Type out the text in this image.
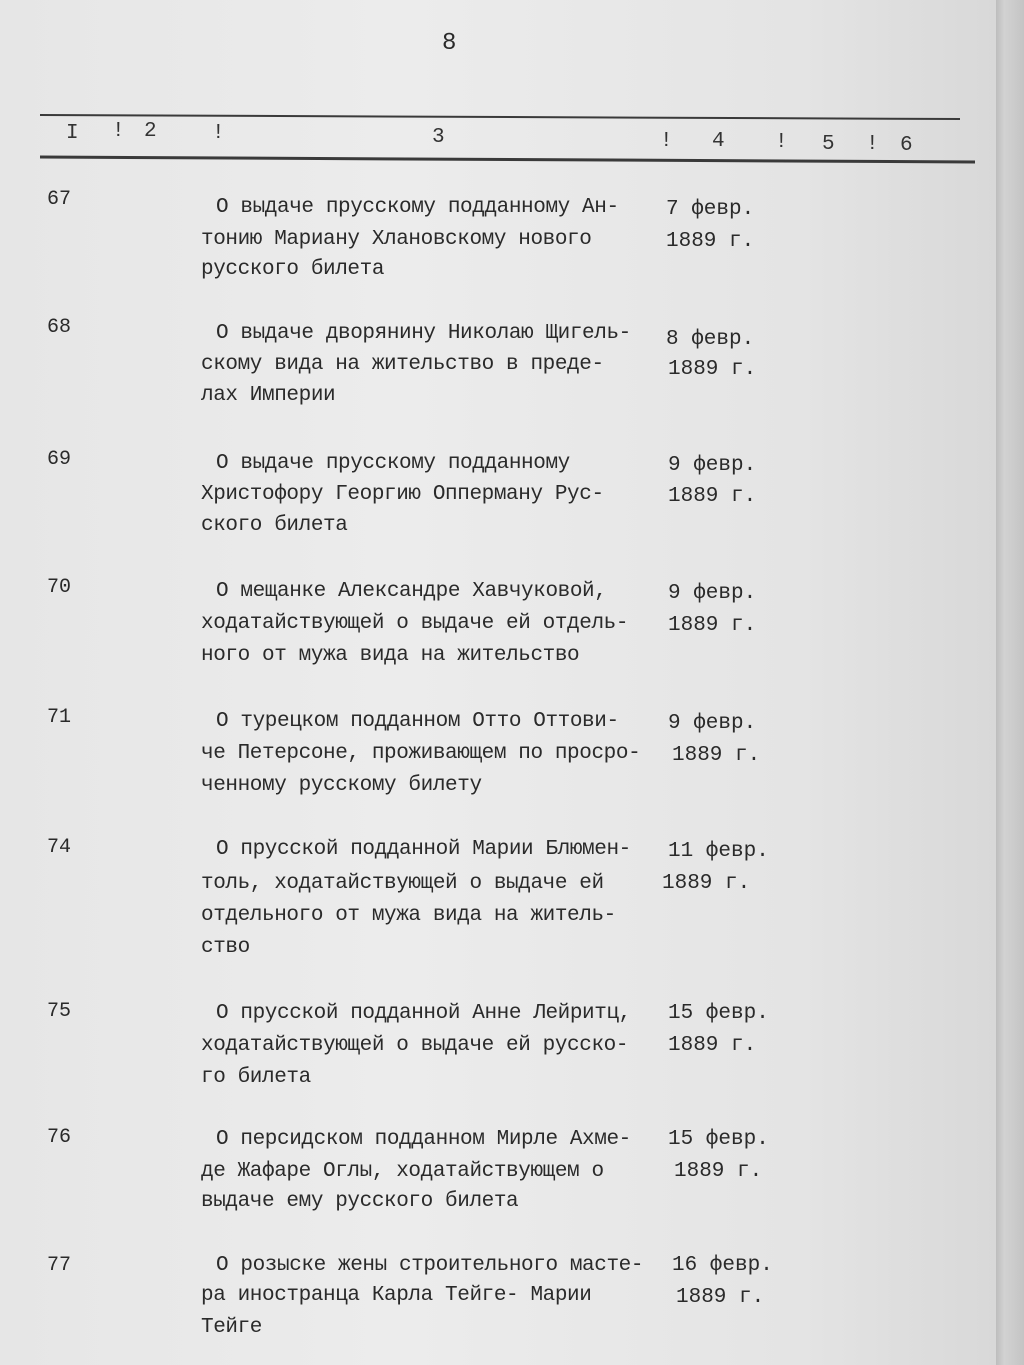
8
I ! 2	!	3	! 4 ! 5 ! 6
67	О выдаче прусскому подданному Ан-
тонию Мариану Хлановскому нового
русского билета
7 февр.
1889 г.
68	О выдаче дворянину Николаю Щигель-
скому вида на жительство в преде-
лах Империи
8 февр.
1889 г.
69	О выдаче прусскому подданному
Христофору Георгию Опперману Рус-
ского билета
9 февр.
1889 г.
70	О мещанке Александре Хавчуковой,
ходатайствующей о выдаче ей отдель-
ного от мужа вида на жительство
9 февр.
1889 г.
71	О турецком подданном Отто Оттови-
че Петерсоне, проживающем по просро-
ченному русскому билету
9 февр.
1889 г.
74	О прусской подданной Марии Блюмен-
толь, ходатайствующей о выдаче ей
отдельного от мужа вида на житель-
ство
11 февр.
1889 г.
75	О прусской подданной Анне Лейритц,
ходатайствующей о выдаче ей русско-
го билета
15 февр.
1889 г.
76	О персидском подданном Мирле Ахме-
де Жафаре Оглы, ходатайствующем о
выдаче ему русского билета
15 февр.
1889 г.
77	О розыске жены строительного масте-
ра иностранца Карла Тейге- Марии
Тейге
16 февр.
1889 г.
